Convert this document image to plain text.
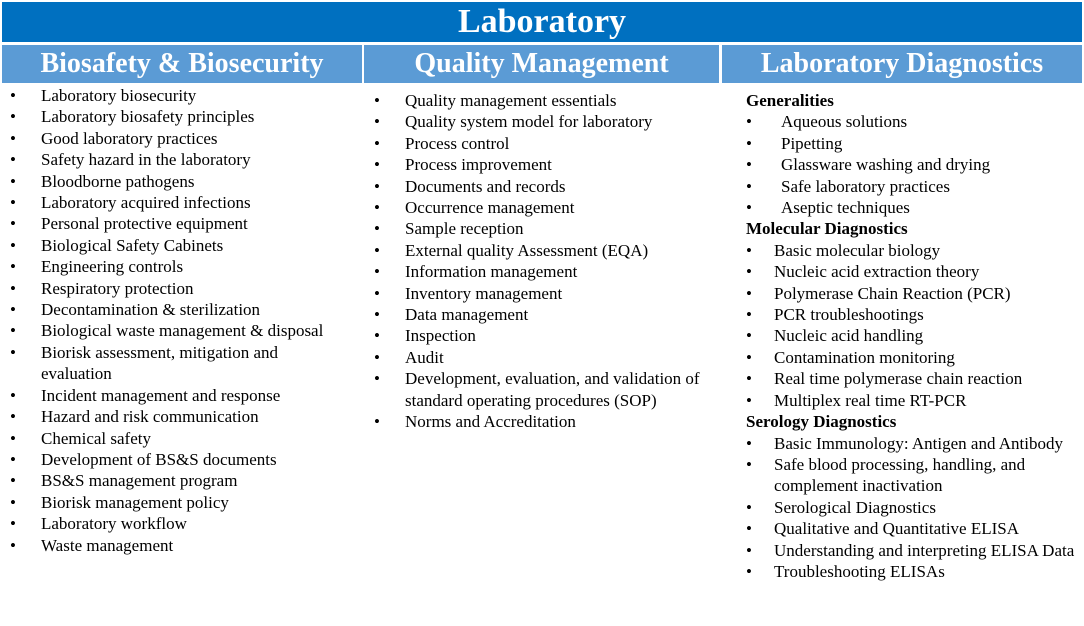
Laboratory
Biosafety & Biosecurity	Quality Management	Laboratory Diagnostics
• Laboratory biosecurity
• Laboratory biosafety principles
• Good laboratory practices
• Safety hazard in the laboratory
• Bloodborne pathogens
• Laboratory acquired infections
• Personal protective equipment
• Biological Safety Cabinets
• Engineering controls
• Respiratory protection
• Decontamination & sterilization
• Biological waste management & disposal
• Biorisk assessment, mitigation and evaluation
• Incident management and response
• Hazard and risk communication
• Chemical safety
• Development of BS&S documents
• BS&S management program
• Biorisk management policy
• Laboratory workflow
• Waste management
• Quality management essentials
• Quality system model for laboratory
• Process control
• Process improvement
• Documents and records
• Occurrence management
• Sample reception
• External quality Assessment (EQA)
• Information management
• Inventory management
• Data management
• Inspection
• Audit
• Development, evaluation, and validation of standard operating procedures (SOP)
• Norms and Accreditation
Generalities
• Aqueous solutions
• Pipetting
• Glassware washing and drying
• Safe laboratory practices
• Aseptic techniques
Molecular Diagnostics
• Basic molecular biology
• Nucleic acid extraction theory
• Polymerase Chain Reaction (PCR)
• PCR troubleshootings
• Nucleic acid handling
• Contamination monitoring
• Real time polymerase chain reaction
• Multiplex real time RT-PCR
Serology Diagnostics
• Basic Immunology: Antigen and Antibody
• Safe blood processing, handling, and complement inactivation
• Serological Diagnostics
• Qualitative and Quantitative ELISA
• Understanding and interpreting ELISA Data
• Troubleshooting ELISAs
